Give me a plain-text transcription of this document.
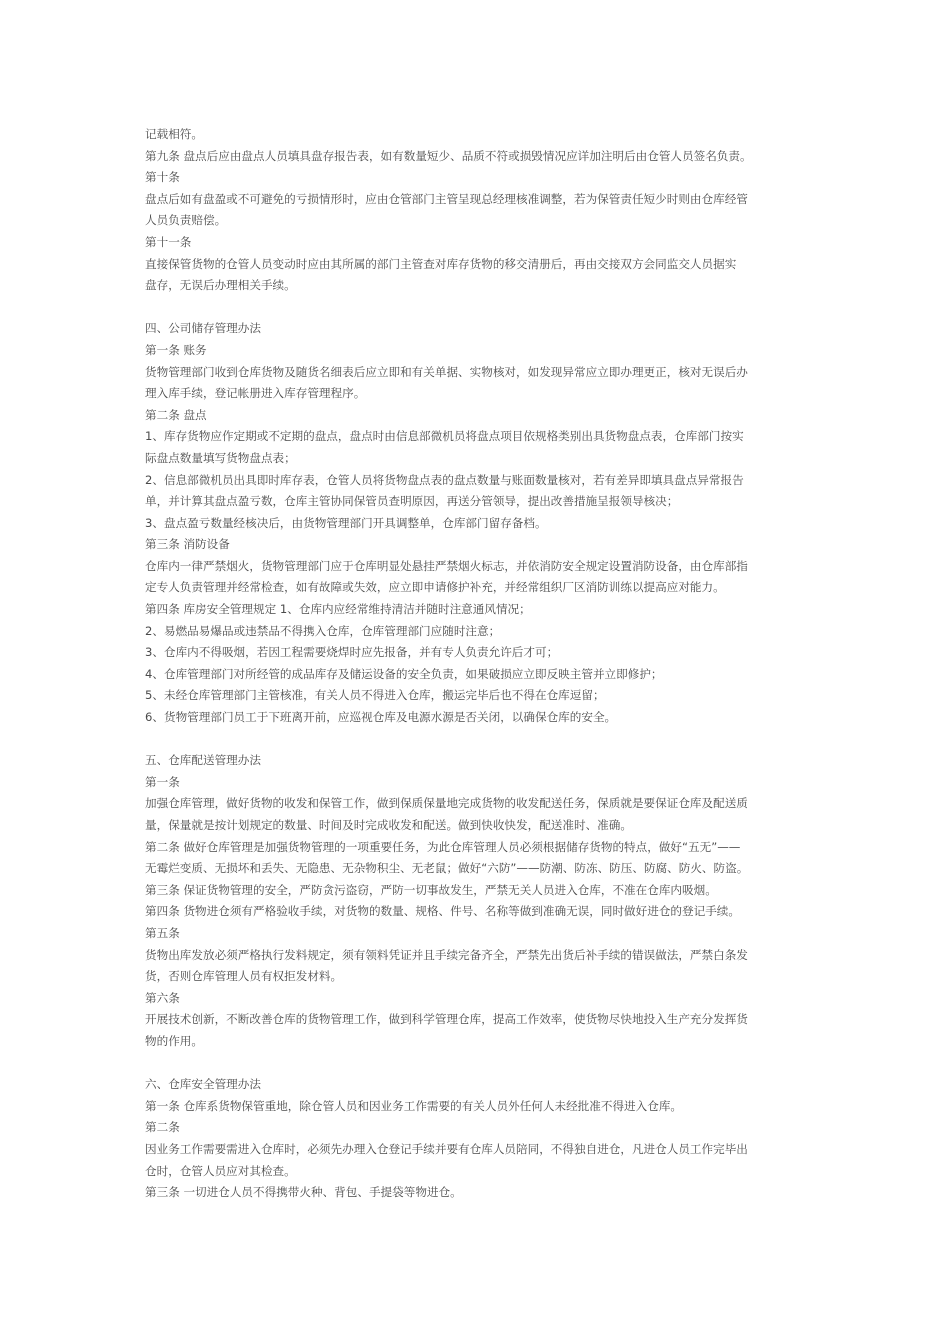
记载相符。
第九条 盘点后应由盘点人员填具盘存报告表，如有数量短少、品质不符或损毁情况应详加注明后由仓管人员签名负责。
第十条
盘点后如有盘盈或不可避免的亏损情形时，应由仓管部门主管呈现总经理核准调整，若为保管责任短少时则由仓库经管
人员负责赔偿。
第十一条
直接保管货物的仓管人员变动时应由其所属的部门主管查对库存货物的移交清册后，再由交接双方会同监交人员据实
盘存，无误后办理相关手续。
四、公司储存管理办法
第一条 账务
货物管理部门收到仓库货物及随货名细表后应立即和有关单据、实物核对，如发现异常应立即办理更正，核对无误后办
理入库手续，登记帐册进入库存管理程序。
第二条 盘点
1、库存货物应作定期或不定期的盘点，盘点时由信息部微机员将盘点项目依规格类别出具货物盘点表，仓库部门按实
际盘点数量填写货物盘点表；
2、信息部微机员出具即时库存表，仓管人员将货物盘点表的盘点数量与账面数量核对，若有差异即填具盘点异常报告
单，并计算其盘点盈亏数，仓库主管协同保管员查明原因，再送分管领导，提出改善措施呈报领导核决；
3、盘点盈亏数量经核决后，由货物管理部门开具调整单，仓库部门留存备档。
第三条 消防设备
仓库内一律严禁烟火，货物管理部门应于仓库明显处悬挂严禁烟火标志，并依消防安全规定设置消防设备，由仓库部指
定专人负责管理并经常检查，如有故障或失效，应立即申请修护补充，并经常组织厂区消防训练以提高应对能力。
第四条 库房安全管理规定 1、仓库内应经常维持清洁并随时注意通风情况；
2、易燃品易爆品或违禁品不得携入仓库，仓库管理部门应随时注意；
3、仓库内不得吸烟，若因工程需要烧焊时应先报备，并有专人负责允许后才可；
4、仓库管理部门对所经管的成品库存及储运设备的安全负责，如果破损应立即反映主管并立即修护；
5、未经仓库管理部门主管核准，有关人员不得进入仓库，搬运完毕后也不得在仓库逗留；
6、货物管理部门员工于下班离开前，应巡视仓库及电源水源是否关闭，以确保仓库的安全。
五、仓库配送管理办法
第一条
加强仓库管理，做好货物的收发和保管工作，做到保质保量地完成货物的收发配送任务，保质就是要保证仓库及配送质
量，保量就是按计划规定的数量、时间及时完成收发和配送。做到快收快发，配送准时、准确。
第二条 做好仓库管理是加强货物管理的一项重要任务，为此仓库管理人员必须根据储存货物的特点，做好“五无”——
无霉烂变质、无损坏和丢失、无隐患、无杂物积尘、无老鼠；做好“六防”——防潮、防冻、防压、防腐、防火、防盗。
第三条 保证货物管理的安全，严防贪污盗窃，严防一切事故发生，严禁无关人员进入仓库，不准在仓库内吸烟。
第四条 货物进仓须有严格验收手续，对货物的数量、规格、件号、名称等做到准确无误，同时做好进仓的登记手续。
第五条
货物出库发放必须严格执行发料规定，须有领料凭证并且手续完备齐全，严禁先出货后补手续的错误做法，严禁白条发
货，否则仓库管理人员有权拒发材料。
第六条
开展技术创新，不断改善仓库的货物管理工作，做到科学管理仓库，提高工作效率，使货物尽快地投入生产充分发挥货
物的作用。
六、仓库安全管理办法
第一条 仓库系货物保管重地，除仓管人员和因业务工作需要的有关人员外任何人未经批准不得进入仓库。
第二条
因业务工作需要需进入仓库时，必须先办理入仓登记手续并要有仓库人员陪同，不得独自进仓，凡进仓人员工作完毕出
仓时，仓管人员应对其检查。
第三条 一切进仓人员不得携带火种、背包、手提袋等物进仓。
